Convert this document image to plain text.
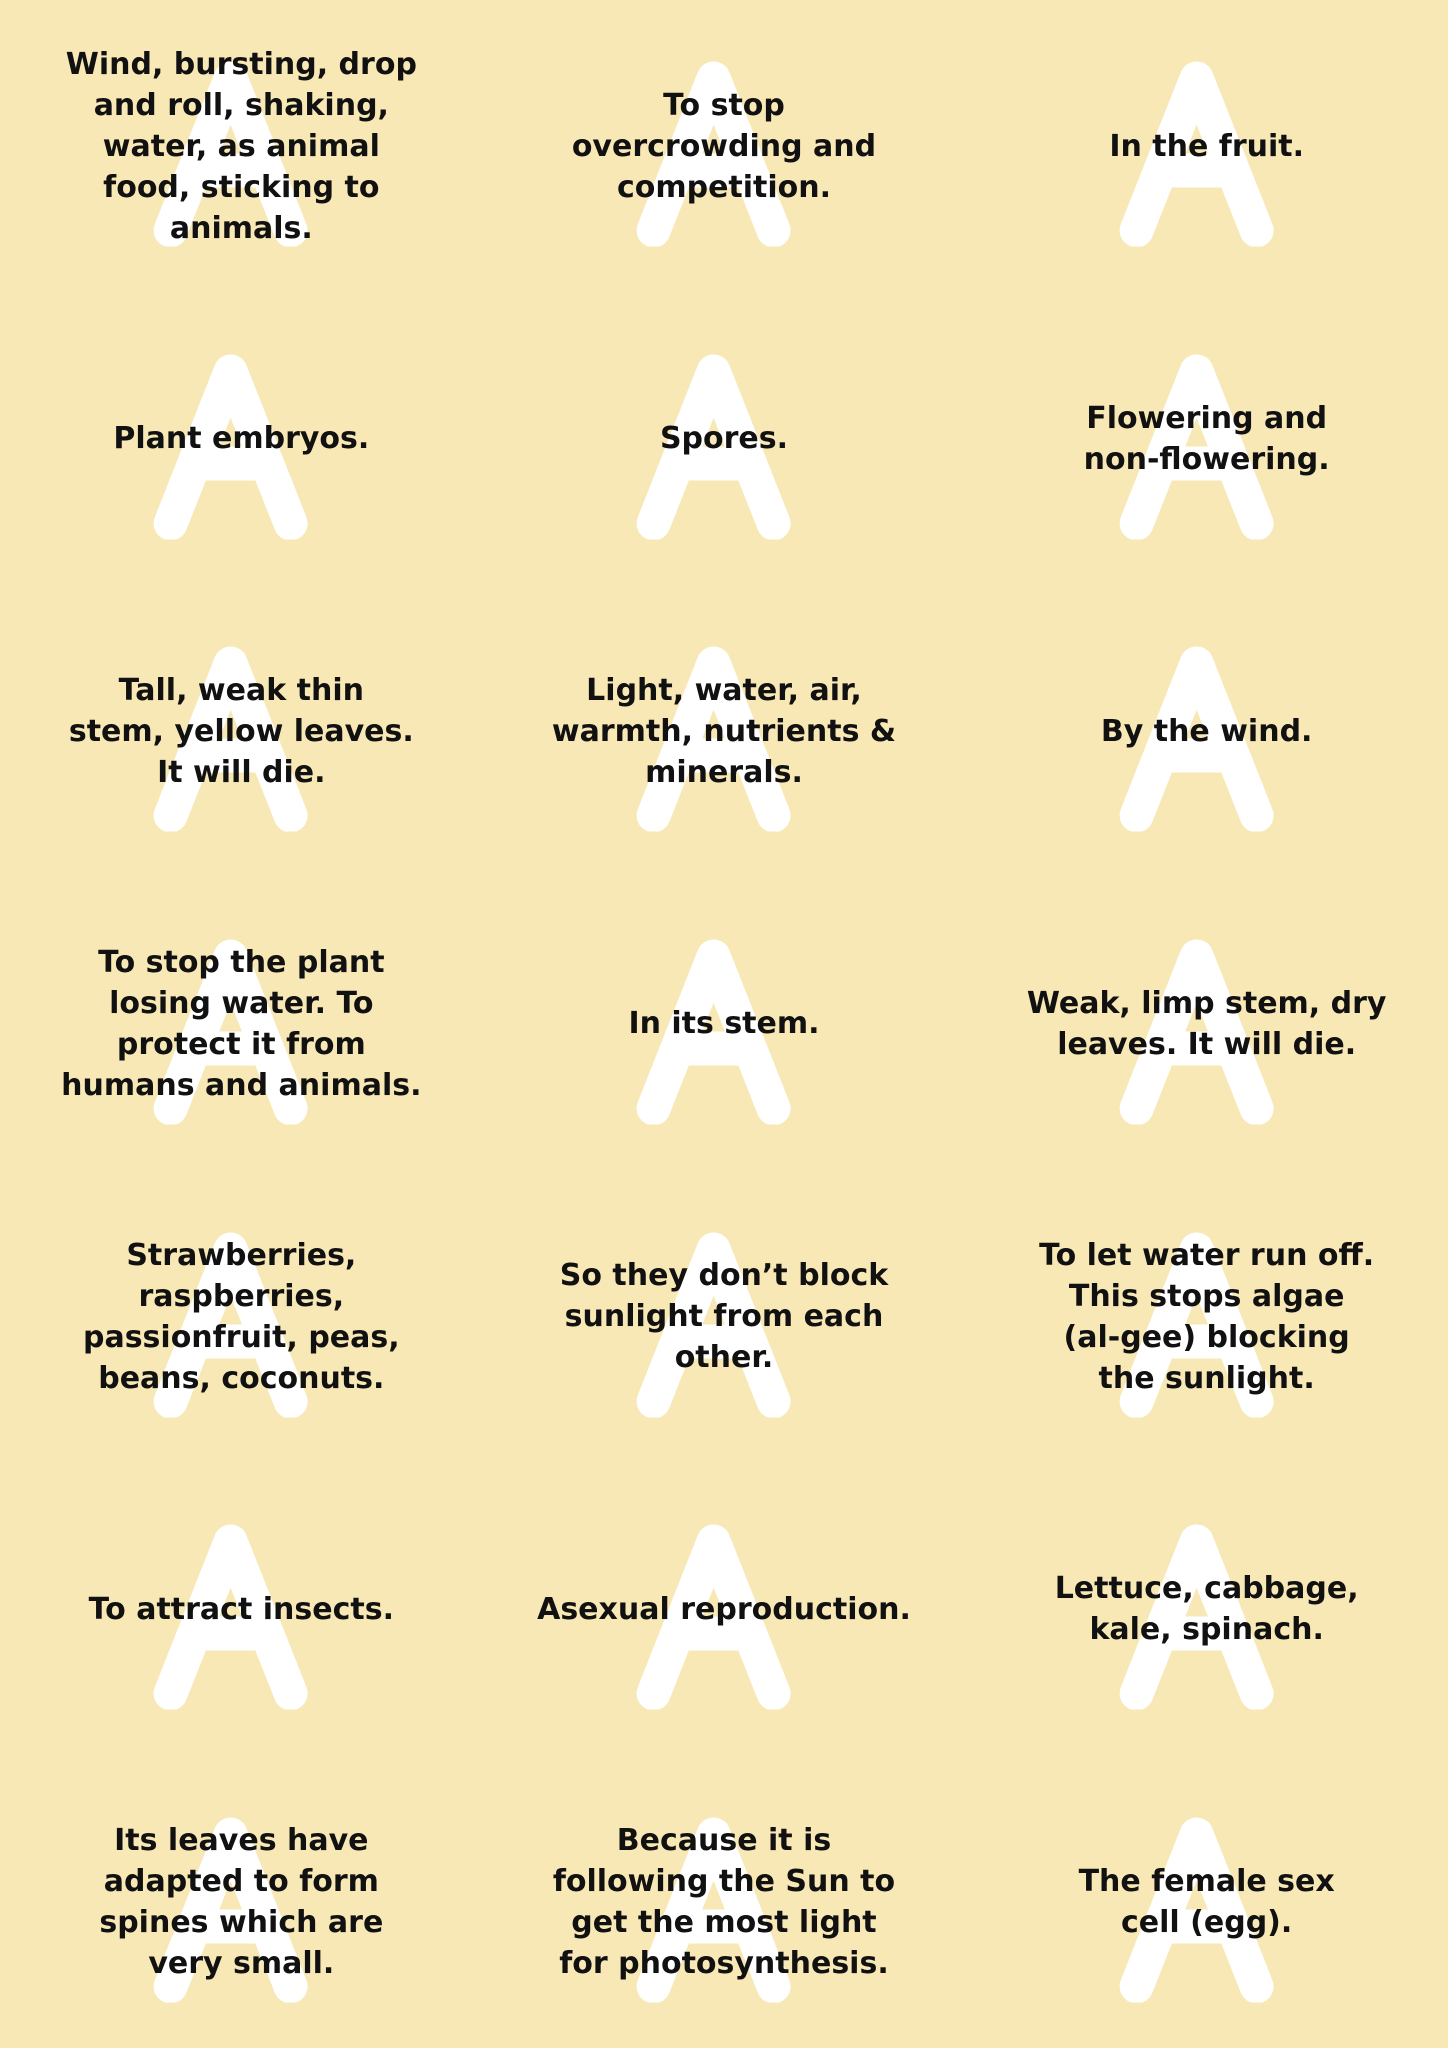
Wind, bursting, drop
and roll, shaking,
water, as animal
food, sticking to
animals.
To stop
overcrowding and
competition.
In the fruit.
Plant embryos.	Spores.
Flowering and
non-flowering.
Tall, weak thin
stem, yellow leaves.
It will die.
Light, water, air,
warmth, nutrients &
minerals.
By the wind.
To stop the plant
losing water. To
protect it from
humans and animals.
In its stem.
Weak, limp stem, dry
leaves. It will die.
Strawberries,
raspberries,
passionfruit, peas,
beans, coconuts.
So they don’t block
sunlight from each
other.
To let water run off.
This stops algae
(al-gee) blocking
the sunlight.
To attract insects.	Asexual reproduction.
Lettuce, cabbage,
kale, spinach.
Its leaves have
adapted to form
spines which are
very small.
Because it is
following the Sun to
get the most light
for photosynthesis.
The female sex
cell (egg).
